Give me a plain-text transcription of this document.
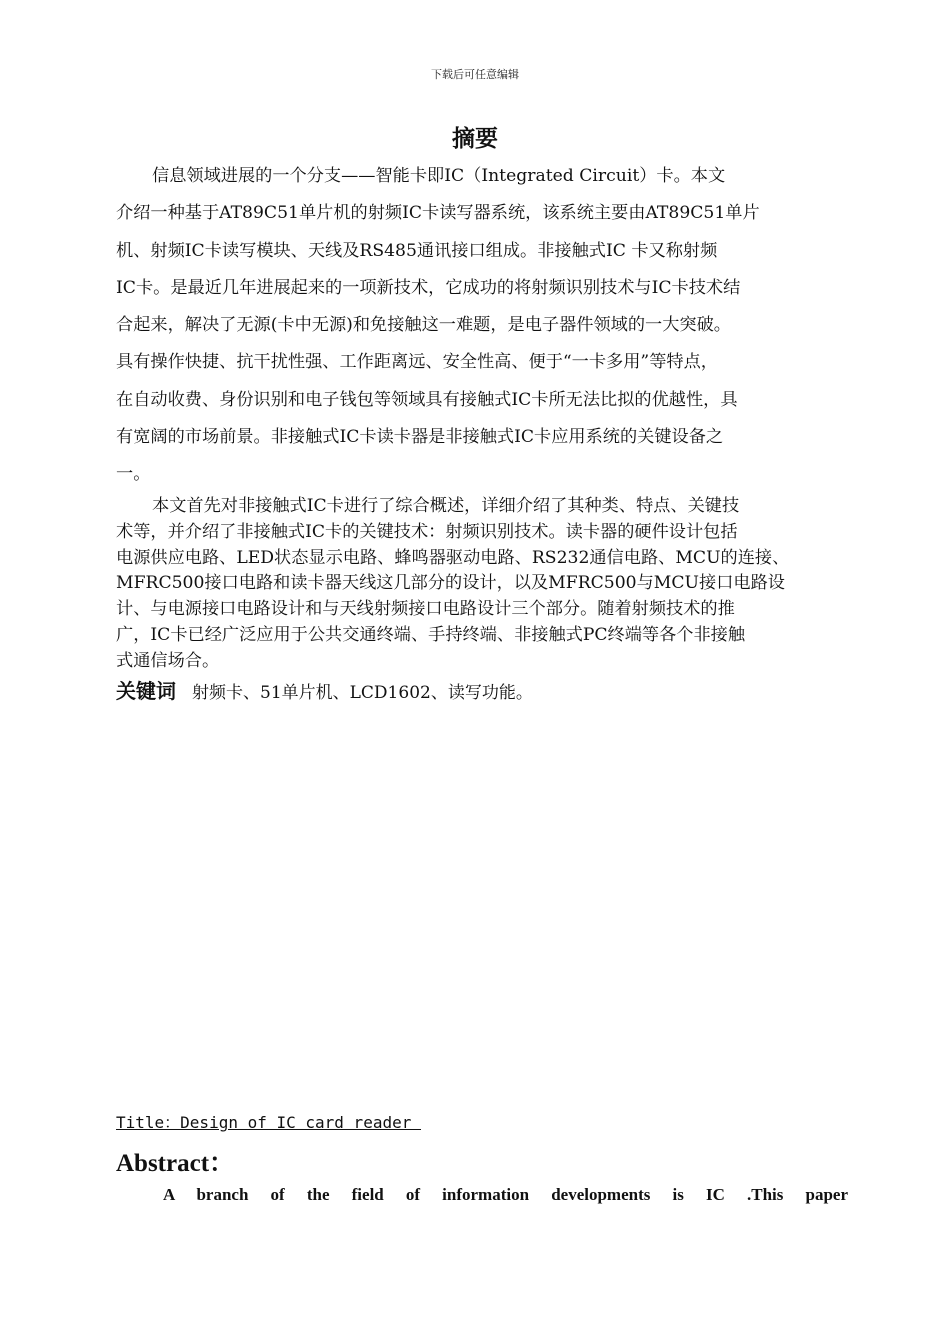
下载后可任意编辑
摘要
信息领域进展的一个分支——智能卡即IC（Integrated Circuit）卡。本文
介绍一种基于AT89C51单片机的射频IC卡读写器系统，该系统主要由AT89C51单片
机、射频IC卡读写模块、天线及RS485通讯接口组成。非接触式IC 卡又称射频
IC卡。是最近几年进展起来的一项新技术，它成功的将射频识别技术与IC卡技术结
合起来，解决了无源(卡中无源)和免接触这一难题，是电子器件领域的一大突破。
具有操作快捷、抗干扰性强、工作距离远、安全性高、便于“一卡多用”等特点，
在自动收费、身份识别和电子钱包等领域具有接触式IC卡所无法比拟的优越性，具
有宽阔的市场前景。非接触式IC卡读卡器是非接触式IC卡应用系统的关键设备之
一。
本文首先对非接触式IC卡进行了综合概述，详细介绍了其种类、特点、关键技
术等，并介绍了非接触式IC卡的关键技术：射频识别技术。读卡器的硬件设计包括
电源供应电路、LED状态显示电路、蜂鸣器驱动电路、RS232通信电路、MCU的连接、
MFRC500接口电路和读卡器天线这几部分的设计，以及MFRC500与MCU接口电路设
计、与电源接口电路设计和与天线射频接口电路设计三个部分。随着射频技术的推
广，IC卡已经广泛应用于公共交通终端、手持终端、非接触式PC终端等各个非接触
式通信场合。
关键词 射频卡、51单片机、LCD1602、读写功能。
Title：Design of IC card reader
Abstract：
A branch of the field of information developments is IC .This paper
